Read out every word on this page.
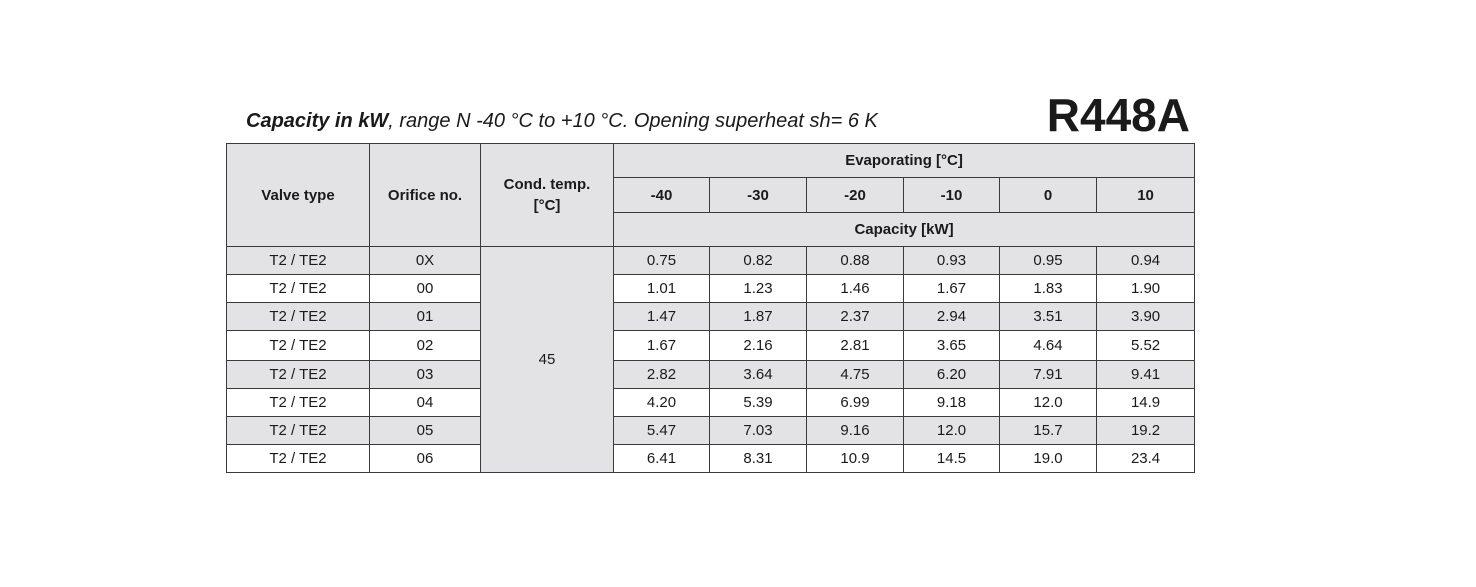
Capacity in kW, range N -40 °C to +10 °C. Opening superheat sh= 6 K	R448A
Valve type	Orifice no.	Cond. temp. [°C]	Evaporating [°C]					
			-40	-30	-20	-10	0	10
			Capacity [kW]					
T2 / TE2	0X	45	0.75	0.82	0.88	0.93	0.95	0.94
T2 / TE2	00		1.01	1.23	1.46	1.67	1.83	1.90
T2 / TE2	01		1.47	1.87	2.37	2.94	3.51	3.90
T2 / TE2	02		1.67	2.16	2.81	3.65	4.64	5.52
T2 / TE2	03		2.82	3.64	4.75	6.20	7.91	9.41
T2 / TE2	04		4.20	5.39	6.99	9.18	12.0	14.9
T2 / TE2	05		5.47	7.03	9.16	12.0	15.7	19.2
T2 / TE2	06		6.41	8.31	10.9	14.5	19.0	23.4
